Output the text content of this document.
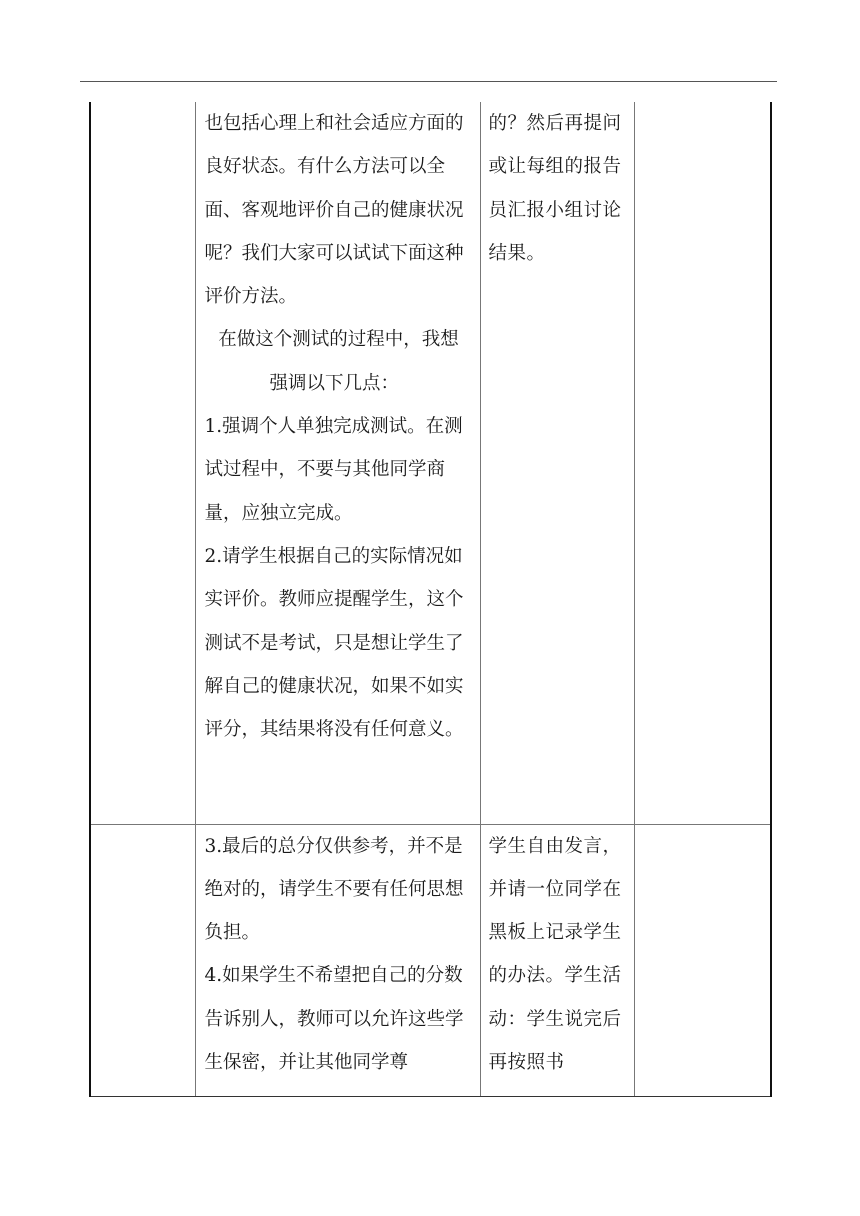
	也包括心理上和社会适应方面的良好状态。有什么方法可以全面、客观地评价自己的健康状况呢？我们大家可以试试下面这种评价方法。

在做这个测试的过程中，我想

强调以下几点：

1.强调个人单独完成测试。在测试过程中，不要与其他同学商量，应独立完成。

2.请学生根据自己的实际情况如实评价。教师应提醒学生，这个测试不是考试，只是想让学生了解自己的健康状况，如果不如实评分，其结果将没有任何意义。	的？然后再提问或让每组的报告员汇报小组讨论结果。	

	3.最后的总分仅供参考，并不是绝对的，请学生不要有任何思想负担。

4.如果学生不希望把自己的分数告诉别人，教师可以允许这些学生保密，并让其他同学尊	学生自由发言，并请一位同学在黑板上记录学生的办法。学生活动：学生说完后再按照书	
